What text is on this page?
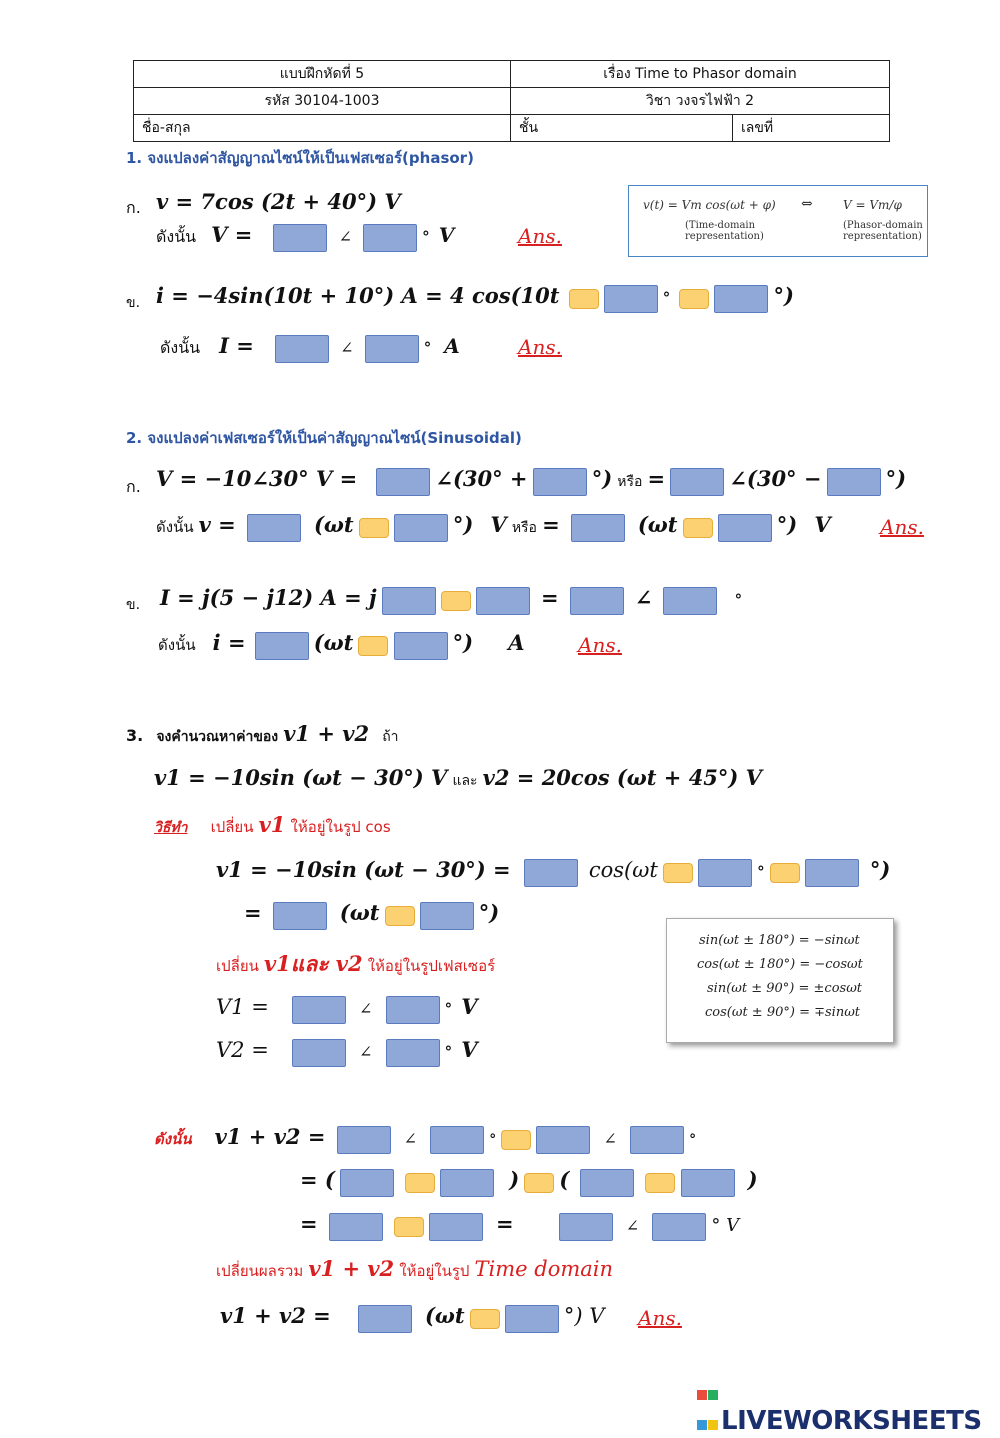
แบบฝึกหัดที่ 5	เรื่อง Time to Phasor domain	
รหัส 30104-1003	วิชา วงจรไฟฟ้า 2	
ชื่อ-สกุล	ชั้น	เลขที่
1. จงแปลงค่าสัญญาณไซน์ให้เป็นเฟสเซอร์(phasor)
ก. v = 7cos (2t + 40°) V
ดังนั้น V =	∠	° V	Ans.
v(t) = Vm cos(ωt + φ) ⇔	V = Vm/φ
(Time-domain representation)
(Phasor-domain representation)
ข. i = −4sin(10t + 10°) A = 4 cos(10t	°	°)
ดังนั้น I =	∠	° A	Ans.
2. จงแปลงค่าเฟสเซอร์ให้เป็นค่าสัญญาณไซน์(Sinusoidal)
ก. V = −10∠30° V =	∠(30° +	°) หรือ =	∠(30° −	°)
ดังนั้น v =	(ωt	°) V หรือ =	(ωt	°) V Ans.
ข. I = j(5 − j12) A = j	=	∠	°
ดังนั้น i =	(ωt	°) A	Ans.
3. จงคำนวณหาค่าของ v1 + v2 ถ้า
v1 = −10sin (ωt − 30°) V และ v2 = 20cos (ωt + 45°) V
วิธีทำ เปลี่ยน v1 ให้อยู่ในรูป cos
v1 = −10sin (ωt − 30°) =	cos(ωt	°	°)
=	(ωt	°)
sin(ωt ± 180°) = −sinωt
cos(ωt ± 180°) = −cosωt
sin(ωt ± 90°) = ±cosωt
cos(ωt ± 90°) = ∓sinωt
เปลี่ยน v1และ v2 ให้อยู่ในรูปเฟสเซอร์
V1 =	∠	° V
V2 =	∠	° V
ดังนั้น v1 + v2 =	∠	°	∠	°
= (	) (	)
=	=	∠	° V
เปลี่ยนผลรวม v1 + v2 ให้อยู่ในรูป Time domain
v1 + v2 =	(ωt	°) V Ans.
LIVEWORKSHEETS
